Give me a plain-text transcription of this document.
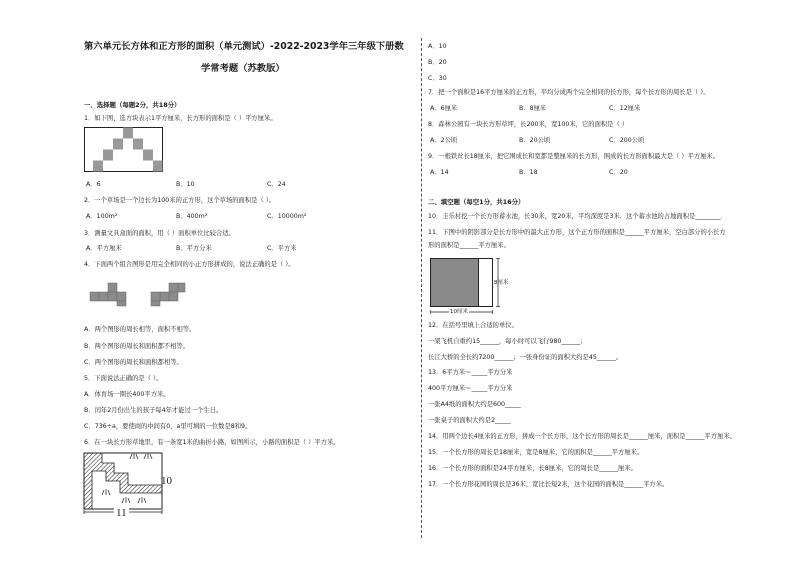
第六单元长方体和正方形的面积（单元测试）-2022-2023学年三年级下册数
学常考题（苏教版）
一、选择题（每题2分，共18分）
1．如下图，选方块表示1平方厘米，长方形的面积是（ ）平方厘米。
A．6	B．10	C．24
2．一个草场是一个边长为100米的正方形，这个草场的面积是（ ）。
A．100m²	B．400m²	C．10000m²
3．测量文具盒面的面积，用（ ）面积单位比较合适。
A．平方厘米	B．平方分米	C．平方米
4．下面两个组合图形是用完全相同的小正方形拼成的，说法正确的是（ ）。
A．两个图形的周长相等，面积不相等。
B．两个图形的周长和面积都不相等。
C．两个图形的周长和面积都相等。
5．下面说法正确的是（ ）。
A．体育场一圈长400平方米。
B．闰年2月份出生的孩子每4年才能过一个生日。
C．736÷a，要使商的中间有0，a里可填的一位数是8和9。
6．在一块长方形草地里，有一条宽1米的曲折小路，如图所示，小路的面积是（ ）平方米。
10
11
A．10
B．20
C．30
7．把一个面积是16平方厘米的正方形，平均分成两个完全相同的长方形，每个长方形的周长是（ ）。
A．6厘米	B．8厘米	C．12厘米
8．森林公园有一块长方形草坪，长200米，宽100米，它的面积是（ ）
A．2公顷	B．20公顷	C．200公顷
9．一根铁丝长18厘米，把它围成长和宽都是整厘米的长方形，围成的长方形面积最大是（ ）平方厘米。
A．14	B．18	C．20
二、填空题（每空1分，共16分）
10．圭乐村挖一个长方形蓄水池，长30米，宽20米，平均深度是3米．这个蓄水池的占地面积是________．
11．下图中的阴影部分是长方形中的最大正方形，这个正方形的面积是______平方厘米，空白部分的小长方
形的面积是______平方厘米。
8厘米
10厘米
12．在括号里填上合适的单位。
一架飞机自重约15______，每小时可以飞行980______；
长江大桥的全长约7200______；一张身份证的面积大约是45______。
13．6平方米＝_____平方分米
400平方厘米＝_____平方分米
一张A4纸的面积大约是600_____
一张桌子的面积大约是2_____
14．用两个边长4厘米的正方形，拼成一个长方形，这个长方形的周长是______厘米，面积是______平方厘米。
15．一个长方形的周长是18厘米，宽是8厘米，它的面积是______平方厘米。
16．一个长方形的面积是24平方厘米，长8厘米，它的周长是______厘米。
17．一个长方形花园的周长是36米，宽比长短2米，这个花园的面积是______平方米。
